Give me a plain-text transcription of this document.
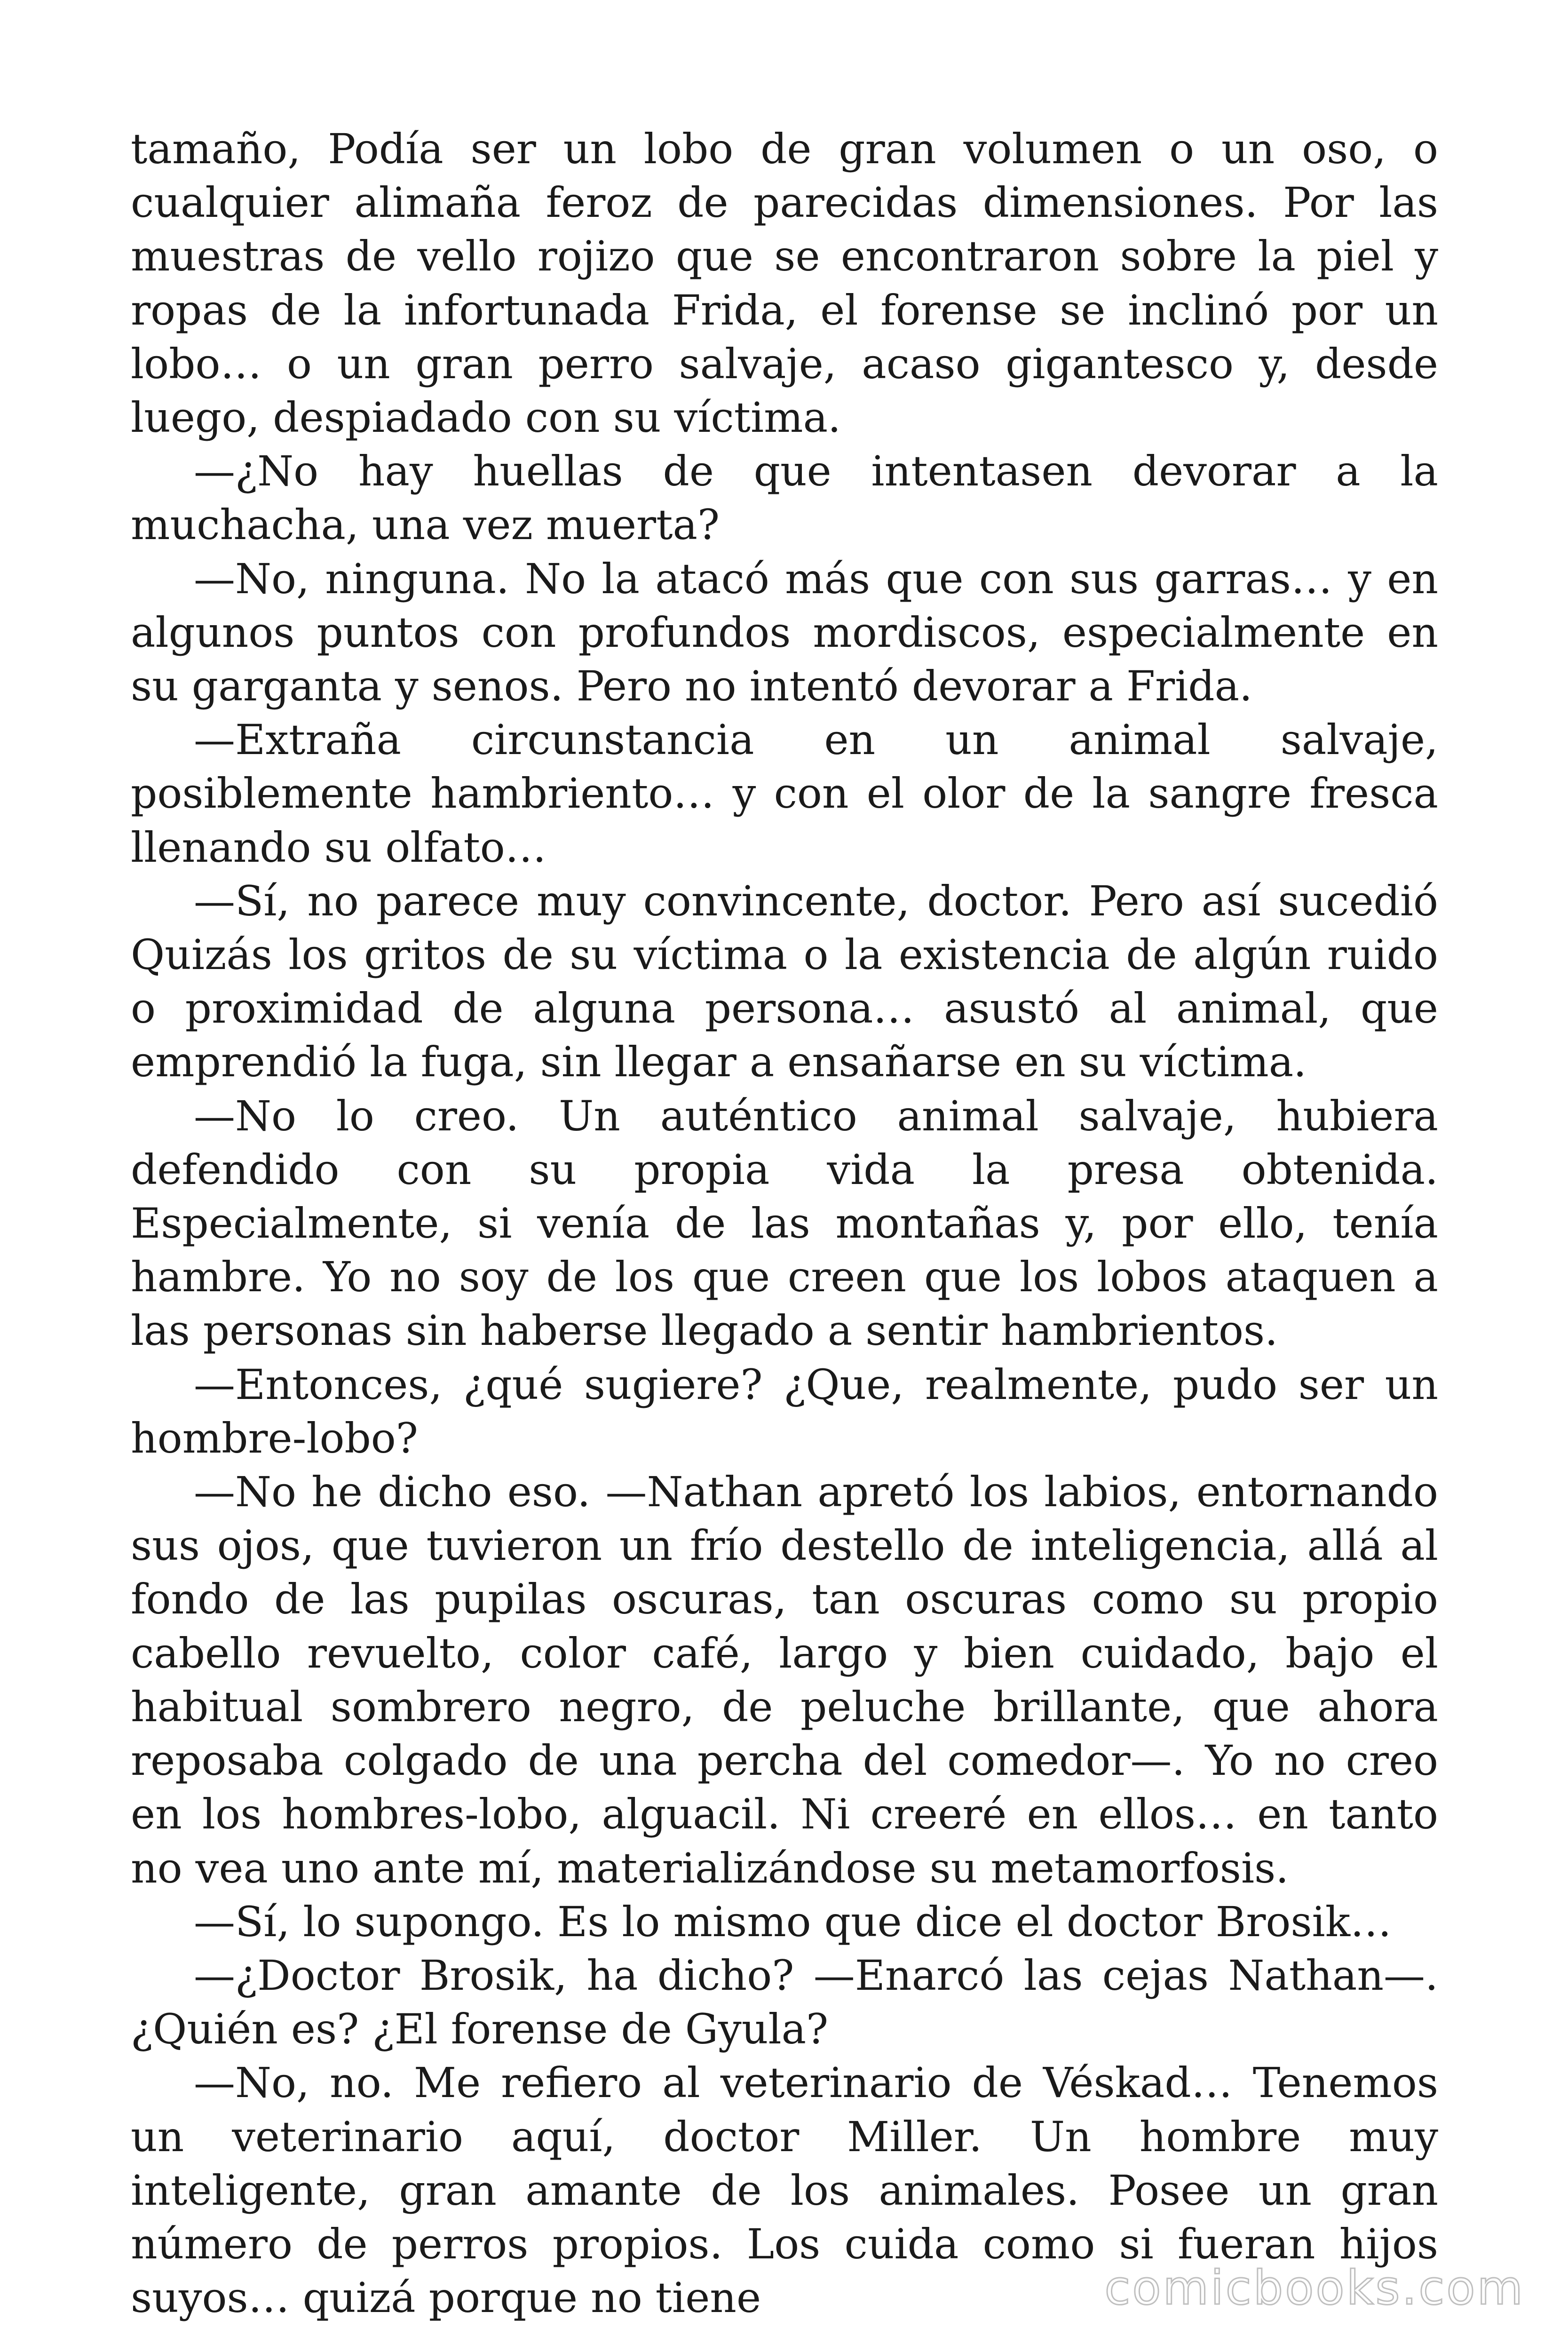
tamaño, Podía ser un lobo de gran volumen o un oso, o cualquier alimaña feroz de parecidas dimensiones. Por las muestras de vello rojizo que se encontraron sobre la piel y ropas de la infortunada Frida, el forense se inclinó por un lobo… o un gran perro salvaje, acaso gigantesco y, desde luego, despiadado con su víctima.

—¿No hay huellas de que intentasen devorar a la muchacha, una vez muerta?

—No, ninguna. No la atacó más que con sus garras… y en algunos puntos con profundos mordiscos, especialmente en su garganta y senos. Pero no intentó devorar a Frida.

—Extraña circunstancia en un animal salvaje, posiblemente hambriento… y con el olor de la sangre fresca llenando su olfato…

—Sí, no parece muy convincente, doctor. Pero así sucedió Quizás los gritos de su víctima o la existencia de algún ruido o proximidad de alguna persona… asustó al animal, que emprendió la fuga, sin llegar a ensañarse en su víctima.

—No lo creo. Un auténtico animal salvaje, hubiera defendido con su propia vida la presa obtenida. Especialmente, si venía de las montañas y, por ello, tenía hambre. Yo no soy de los que creen que los lobos ataquen a las personas sin haberse llegado a sentir hambrientos.

—Entonces, ¿qué sugiere? ¿Que, realmente, pudo ser un hombre-lobo?

—No he dicho eso. —Nathan apretó los labios, entornando sus ojos, que tuvieron un frío destello de inteligencia, allá al fondo de las pupilas oscuras, tan oscuras como su propio cabello revuelto, color café, largo y bien cuidado, bajo el habitual sombrero negro, de peluche brillante, que ahora reposaba colgado de una percha del comedor—. Yo no creo en los hombres-lobo, alguacil. Ni creeré en ellos… en tanto no vea uno ante mí, materializándose su metamorfosis.

—Sí, lo supongo. Es lo mismo que dice el doctor Brosik…

—¿Doctor Brosik, ha dicho? —Enarcó las cejas Nathan—. ¿Quién es? ¿El forense de Gyula?

—No, no. Me refiero al veterinario de Véskad… Tenemos un veterinario aquí, doctor Miller. Un hombre muy inteligente, gran amante de los animales. Posee un gran número de perros propios. Los cuida como si fueran hijos suyos… quizá porque no tiene	comicbooks.com
